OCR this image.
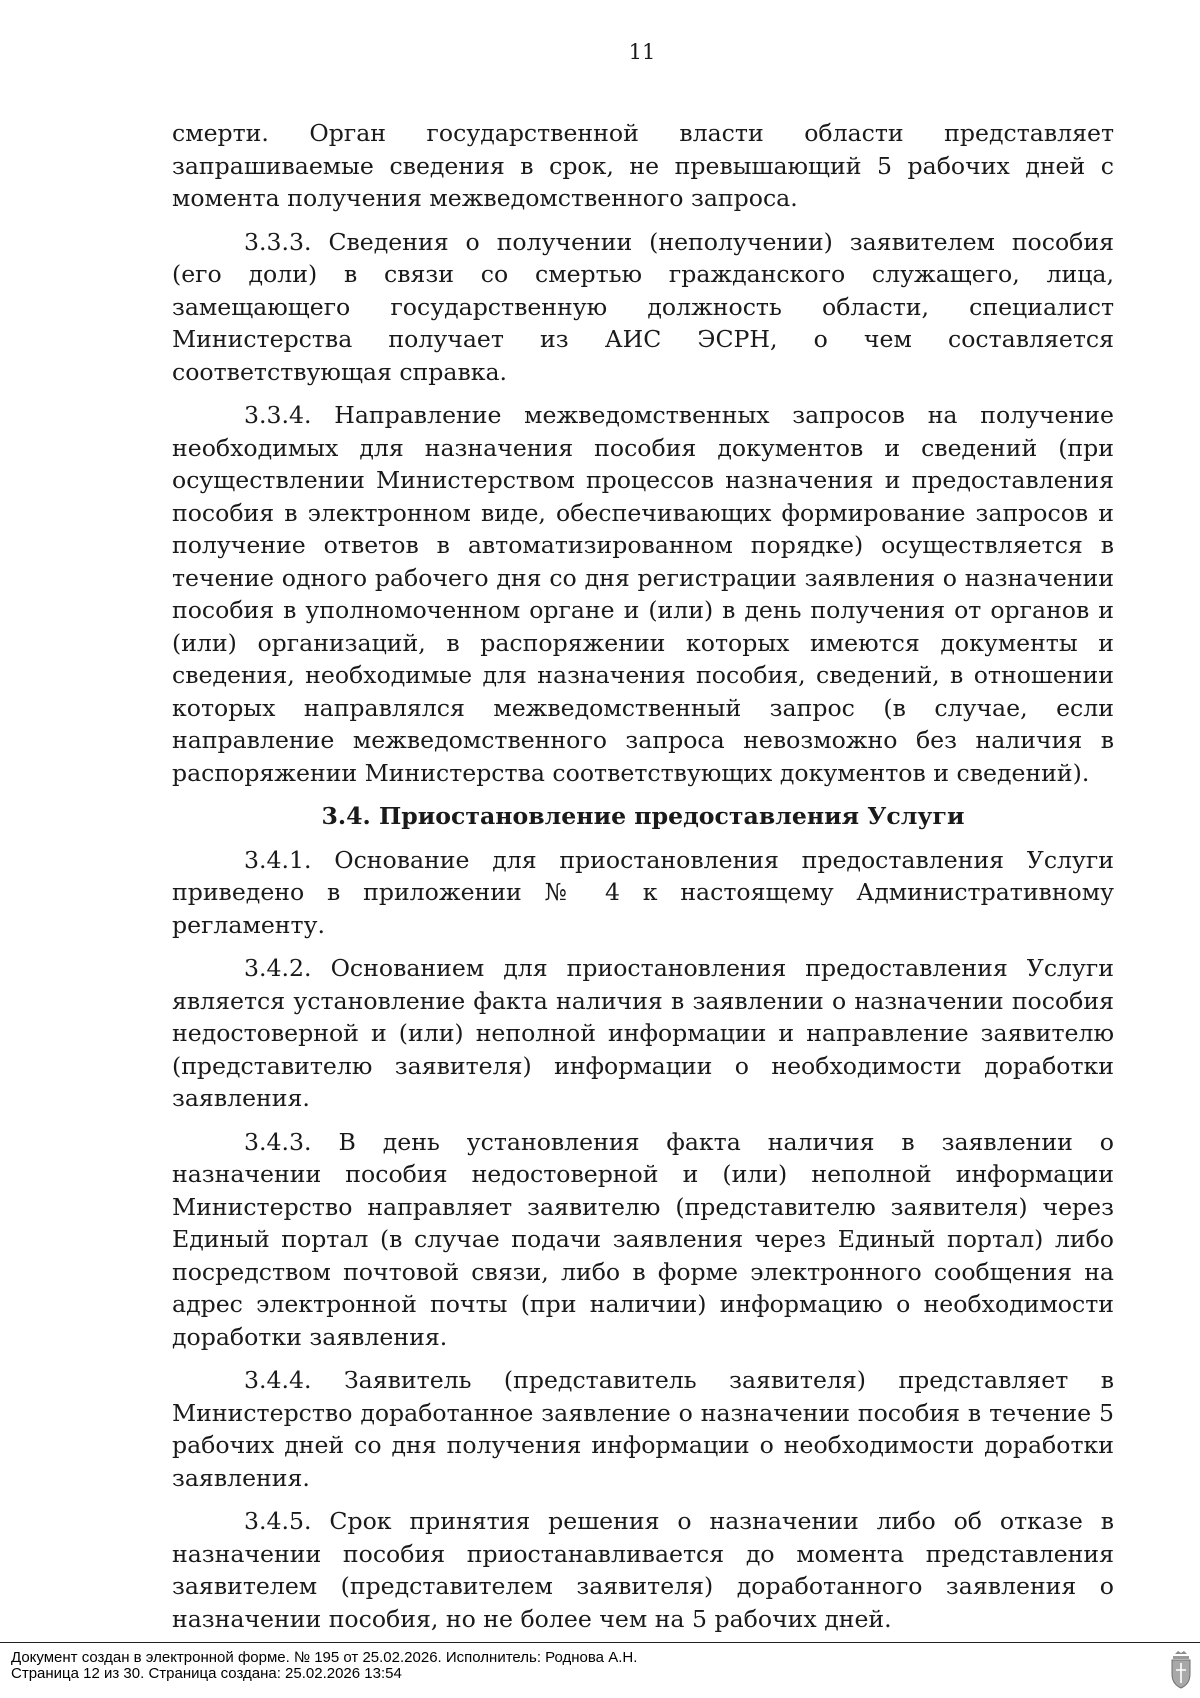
11

смерти. Орган государственной власти области представляет запрашиваемые сведения в срок, не превышающий 5 рабочих дней с момента получения межведомственного запроса.

3.3.3. Сведения о получении (неполучении) заявителем пособия (его доли) в связи со смертью гражданского служащего, лица, замещающего государственную должность области, специалист Министерства получает из АИС ЭСРН, о чем составляется соответствующая справка.

3.3.4. Направление межведомственных запросов на получение необходимых для назначения пособия документов и сведений (при осуществлении Министерством процессов назначения и предоставления пособия в электронном виде, обеспечивающих формирование запросов и получение ответов в автоматизированном порядке) осуществляется в течение одного рабочего дня со дня регистрации заявления о назначении пособия в уполномоченном органе и (или) в день получения от органов и (или) организаций, в распоряжении которых имеются документы и сведения, необходимые для назначения пособия, сведений, в отношении которых направлялся межведомственный запрос (в случае, если направление межведомственного запроса невозможно без наличия в распоряжении Министерства соответствующих документов и сведений).

3.4. Приостановление предоставления Услуги

3.4.1. Основание для приостановления предоставления Услуги приведено в приложении № 4 к настоящему Административному регламенту.

3.4.2. Основанием для приостановления предоставления Услуги является установление факта наличия в заявлении о назначении пособия недостоверной и (или) неполной информации и направление заявителю (представителю заявителя) информации о необходимости доработки заявления.

3.4.3. В день установления факта наличия в заявлении о назначении пособия недостоверной и (или) неполной информации Министерство направляет заявителю (представителю заявителя) через Единый портал (в случае подачи заявления через Единый портал) либо посредством почтовой связи, либо в форме электронного сообщения на адрес электронной почты (при наличии) информацию о необходимости доработки заявления.

3.4.4. Заявитель (представитель заявителя) представляет в Министерство доработанное заявление о назначении пособия в течение 5 рабочих дней со дня получения информации о необходимости доработки заявления.

3.4.5. Срок принятия решения о назначении либо об отказе в назначении пособия приостанавливается до момента представления заявителем (представителем заявителя) доработанного заявления о назначении пособия, но не более чем на 5 рабочих дней.

Документ создан в электронной форме. № 195 от 25.02.2026. Исполнитель: Роднова А.Н.
Страница 12 из 30. Страница создана: 25.02.2026 13:54
